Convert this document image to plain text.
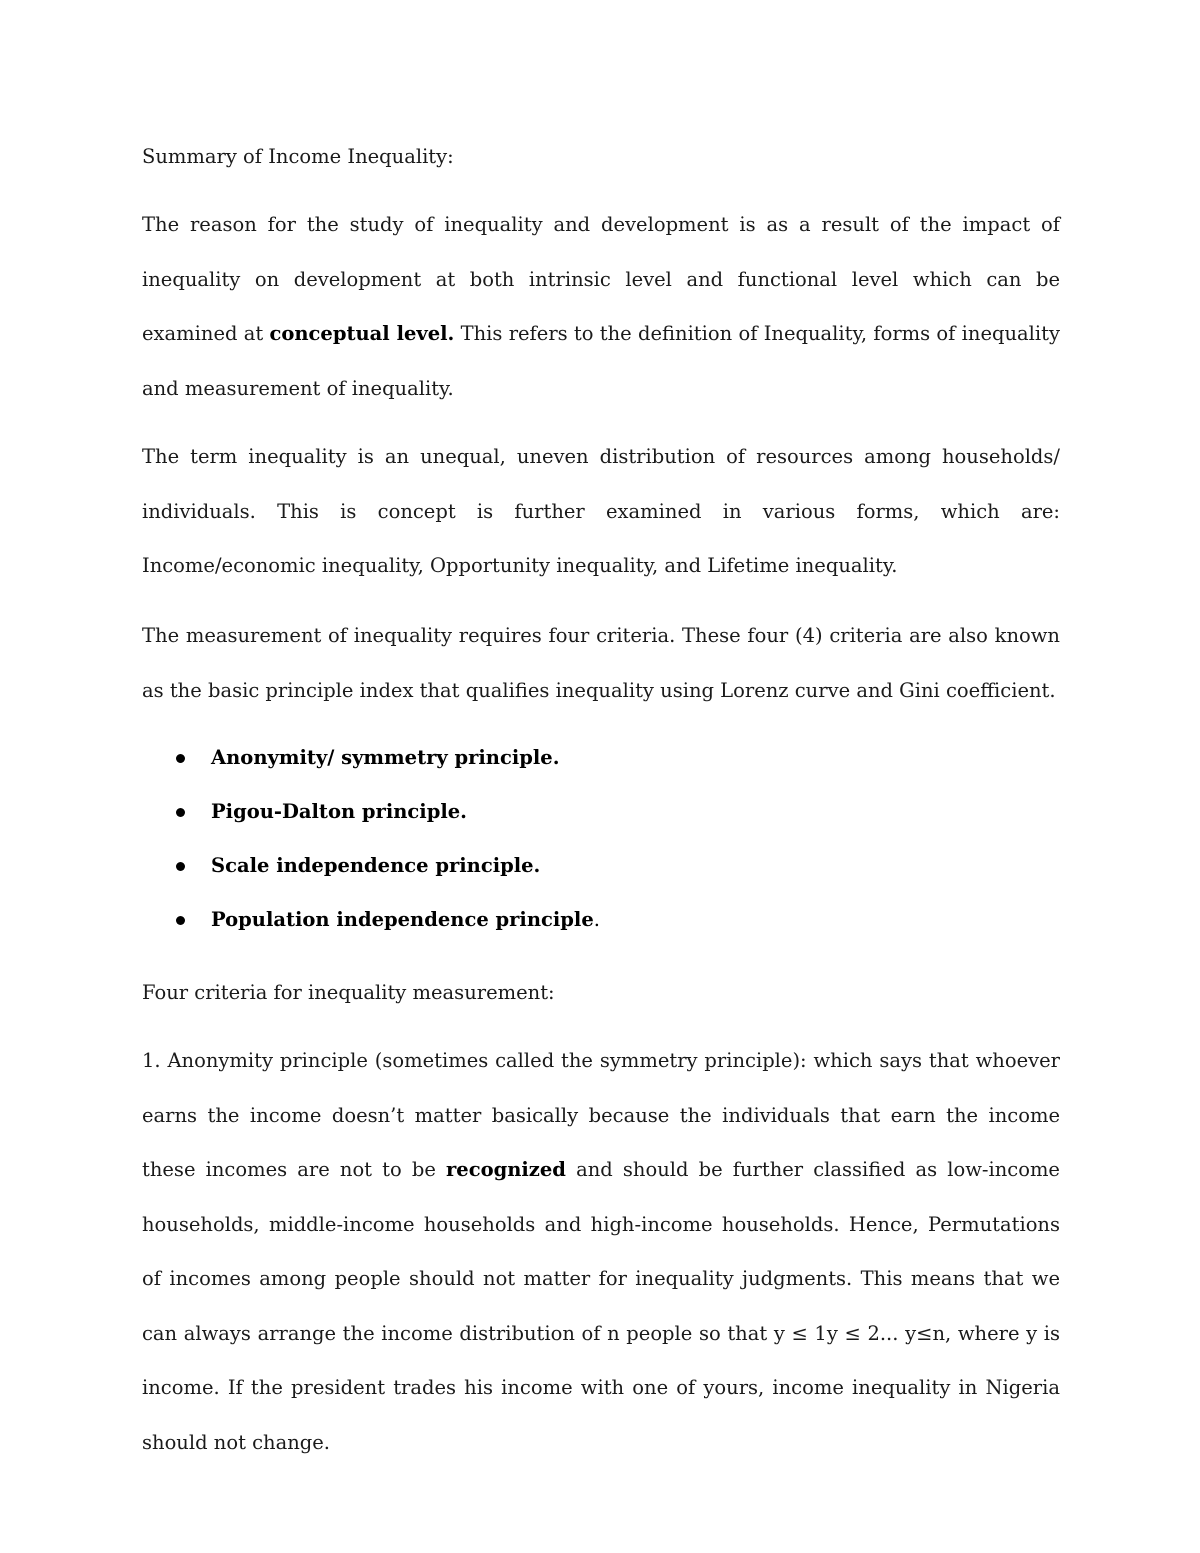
Summary of Income Inequality:

The reason for the study of inequality and development is as a result of the impact of inequality on development at both intrinsic level and functional level which can be examined at conceptual level. This refers to the definition of Inequality, forms of inequality and measurement of inequality.

The term inequality is an unequal, uneven distribution of resources among households/ individuals. This is concept is further examined in various forms, which are: Income/economic inequality, Opportunity inequality, and Lifetime inequality.

The measurement of inequality requires four criteria. These four (4) criteria are also known as the basic principle index that qualifies inequality using Lorenz curve and Gini coefficient.

Anonymity/ symmetry principle.
Pigou-Dalton principle.
Scale independence principle.
Population independence principle.

Four criteria for inequality measurement:

1. Anonymity principle (sometimes called the symmetry principle): which says that whoever earns the income doesn’t matter basically because the individuals that earn the income these incomes are not to be recognized and should be further classified as low-income households, middle-income households and high-income households. Hence, Permutations of incomes among people should not matter for inequality judgments. This means that we can always arrange the income distribution of n people so that y ≤ 1y ≤ 2... y≤n, where y is income. If the president trades his income with one of yours, income inequality in Nigeria should not change.
